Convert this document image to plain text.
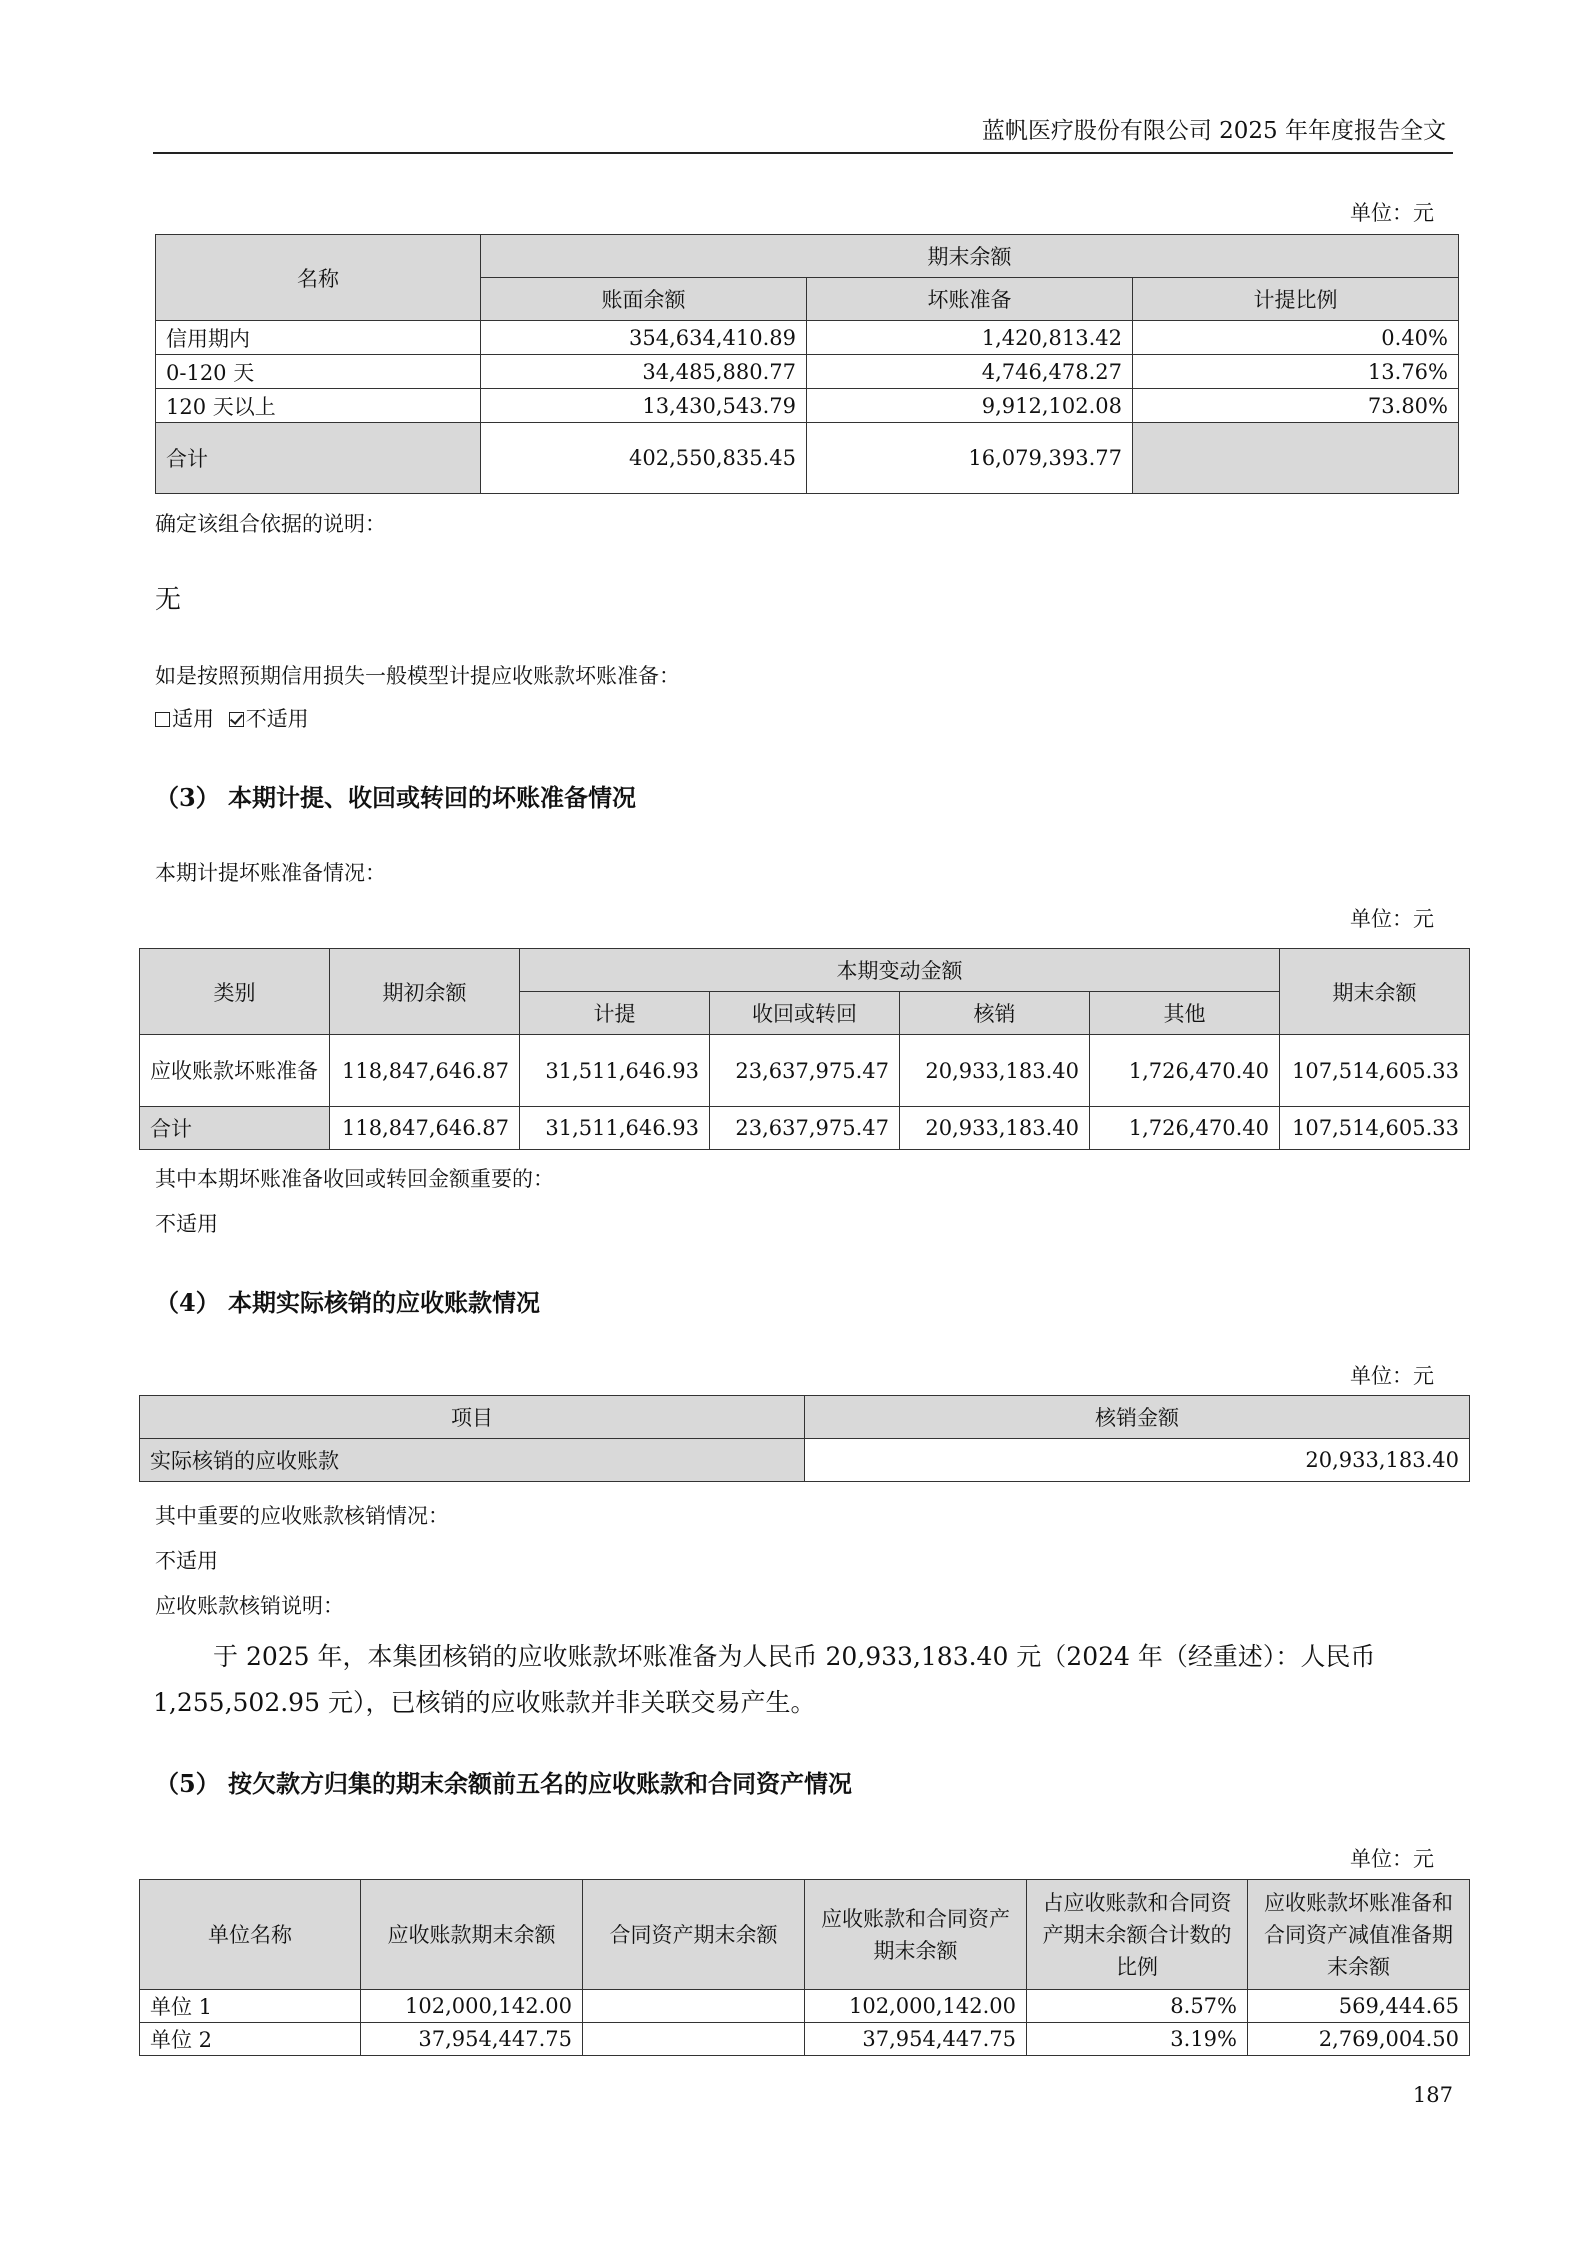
蓝帆医疗股份有限公司 2025 年年度报告全文
单位：元
名称	期末余额		
	账面余额	坏账准备	计提比例
信用期内	354,634,410.89	1,420,813.42	0.40%
0-120 天	34,485,880.77	4,746,478.27	13.76%
120 天以上	13,430,543.79	9,912,102.08	73.80%
合计	402,550,835.45	16,079,393.77	
确定该组合依据的说明：
无
如是按照预期信用损失一般模型计提应收账款坏账准备：
适用 不适用
（3） 本期计提、收回或转回的坏账准备情况
本期计提坏账准备情况：
单位：元
类别	期初余额	本期变动金额				期末余额
		计提	收回或转回	核销	其他	
应收账款坏账准备	118,847,646.87	31,511,646.93	23,637,975.47	20,933,183.40	1,726,470.40	107,514,605.33
合计	118,847,646.87	31,511,646.93	23,637,975.47	20,933,183.40	1,726,470.40	107,514,605.33
其中本期坏账准备收回或转回金额重要的：
不适用
（4） 本期实际核销的应收账款情况
单位：元
项目	核销金额
实际核销的应收账款	20,933,183.40
其中重要的应收账款核销情况：
不适用
应收账款核销说明：
于 2025 年，本集团核销的应收账款坏账准备为人民币 20,933,183.40 元（2024 年（经重述）：人民币 1,255,502.95 元），已核销的应收账款并非关联交易产生。
（5） 按欠款方归集的期末余额前五名的应收账款和合同资产情况
单位：元
单位名称	应收账款期末余额	合同资产期末余额	应收账款和合同资产期末余额	占应收账款和合同资产期末余额合计数的比例	应收账款坏账准备和合同资产减值准备期末余额
单位 1	102,000,142.00		102,000,142.00	8.57%	569,444.65
单位 2	37,954,447.75		37,954,447.75	3.19%	2,769,004.50
187
